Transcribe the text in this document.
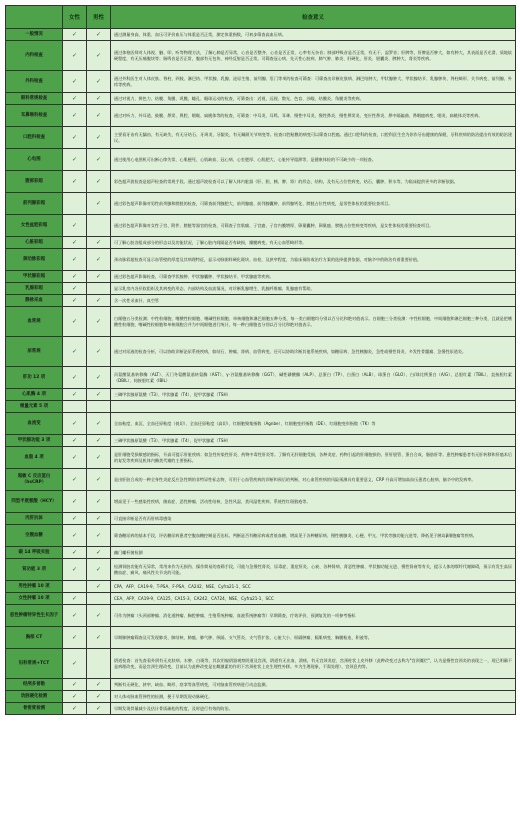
	女性	男性	检查意义
一般情况	✓	✓	通过测量身高、体重、血压可评价血压与体重是否正常，测定体重指数，可初步筛查高血压病。
内科检查	✓	✓	通过体格医师对人体视、触、叩、听等物理方法，了解心肺是否异常，心音是否整齐、心音是否正常，心率有无杂音；肺部呼吸音是否正常，有无干、湿罗音；肝脾等，肝脾是否肿大，如有肿大，其表面是否光滑、质地软硬程度，有无压痛腹块等；肠鸣音是否正常，腹部有无包块、神经反射是否正常。可筛查冠心病、先天性心脏病、肺气肿、肺炎、肝硬化、肝炎、胆囊炎、脾肿大、肾炎等疾病。
外科检查	✓	✓	通过外科医生对人体皮肤、脊柱、四肢、淋巴结、甲状腺、乳腺、泌尿生殖、前列腺、肛门等项的检查可筛查：可筛查出诊断皮肤病、淋巴结肿大、甲状腺肿大、甲状腺结节、乳腺肿块、脊柱畸形、关节病变、前列腺、外痔等疾病。
眼科常规检查	✓	✓	通过对视力、辨色力、结膜、角膜、巩膜、瞳孔、眼球运动的检查，可筛查出：近视、远视、散光、色盲、沙眼、结膜炎、角膜炎等疾病。
耳鼻喉科检查	✓	✓	通过对听力、外耳道、鼓膜、鼻窦、鼻腔、咽喉、扁桃体等的检查，可筛查：中耳炎、耳鸣、耳聋、慢性中耳炎、慢性鼻炎、慢性鼻窦炎、变应性鼻炎、鼻中隔偏曲、鼻咽癌病变、咽炎、扁桃体炎等疾病。
口腔科检查	✓	✓	主要看牙齿有无龋齿、有无缺失、有无牙结石、牙周炎、牙龈炎，有无颞颌关节病变等。检查口腔粘膜的病变可以筛查口腔癌。通过口腔科的检查，口腔科医生会为你作牙齿健康的保健，牙科疾病的防治提出有效的防治建议。
心电图	✓	✓	通过使用心电图机可出断心律失常、心肌梗死、心肌缺血、冠心病、心室肥厚、心肌肥大、心脏传导阻滞等，是健康体检的不可缺少的一项检查。
腹部彩超	✓	✓	彩色超声波检查是超声检查的常规手段。通过超声波检查可以了解人体内脏器（肝、胆、胰、脾、肾）的形态、结构，及有无占位性病变、结石、囊肿、积水等，为临床提供更多的诊断依据。
前列腺彩超		✓	通过彩色超声影像对男性前列腺和膀胱的检查，可筛查前列腺肥大、前列腺癌、前列腺囊肿、前列腺钙化、膀胱占位性病变，是男性体检的重要检查项目。
女性盆腔彩超	✓		通过彩色超声影像对女性子宫、附件、膀胱等器官的检查，可筛查子宫肌瘤、子宫癌、子宫内膜增厚、卵巢囊肿、卵巢癌、膀胱占位性病变等疾病，是女性体检的重要检查项目。
心脏彩超	✓	✓	可了解心脏各组成部分的形态以及功能状况，了解心脏内间隔是否有缺损，瓣膜病变，有无心血管畸形等。
颈动脉彩超	✓	✓	颈动脉彩超检查可显示血管壁的厚度及其病理特征，显示动脉粥样硬化斑块、血栓，及狭窄程度，为临床预防或治疗方案的选择提供依据，对脑卒中的防治有着重要价值。
甲状腺彩超	✓	✓	通过彩色超声影像检查，可筛查甲状腺肿、甲状腺囊肿、甲状腺结节、甲状腺癌等疾病。
乳腺彩超	✓		显示乳房内各层软组织及其病变的形态、内部结构及血流情况，对诊断乳腺增生、乳腺纤维瘤、乳腺癌有帮助。
静脉采血	✓	✓	含一次性采血针、真空管
血常规	✓	✓	白细胞五分类检测；中性粒细胞、嗜酸性粒细胞、嗜碱性粒细胞、单核细胞和淋巴细胞五种分类，每一类白细胞均分别以百分比和绝对值表示。白细胞三分类检测：中性粒细胞、中间细胞和淋巴细胞三种分类，且就是把嗜酸性粒细胞、嗜碱性粒细胞和单核细胞合并为中间细胞进行统计，每一种白细胞也分别以百分比和绝对值表示。
尿常规	✓	✓	通过对尿液的检查分析，可以协助诊断泌尿系统疾病，如结石、肿瘤、肾病、血管病变，还可以协助诊断其他系统疾病，如糖尿病、急性胰腺炎、急性或慢性肾炎、多发性骨髓瘤、急慢性尿道炎。
肝功 12 项	✓	✓	丙氨酸氨基转移酶（ALT）、天门冬氨酸氨基转氨酶（AST）、γ-谷氨酰基转移酶（GGT）、碱性磷酸酶（ALP）、总蛋白（TP）、白蛋白（ALB）、球蛋白（GLO）、白/球比例蛋白（A/G）、总胆红素（TBIL）、直接胆红素（DBIL）、间接胆红素（IBIL）
心肌酶 4 项	✓	✓	三碘甲状腺原氨酸（T3）、甲状腺素（T4）、促甲状腺素（TSH）
微量元素 5 项			
血流变	✓	✓	全血粘度、血沉、全血还原粘度（低切）、全血还原粘度（高切）、红细胞聚集指数（Agnbe）、红细胞变形指数（DE）、红细胞变形指数（TK）等
甲状腺功能 3 项	✓	✓	三碘甲状腺原氨酸（T3）、甲状腺素（T4）、促甲状腺素（TSH）
血脂 4 项	✓	✓	是肝细胞受损敏感的指标，升高可提示肝脏疾病；如急性传染性肝炎、药物中毒性肝炎等。了解有无肝细胞受损，各种炎症、药物引起的肝细胞损伤、肝肝胆管、蛋白合成、脂肪肝等。患性肿瘤患者有无肝转移和肝癌术后的复发等疾病及机体内酶类代谢的主要指标。
超敏 C 反应蛋白（hsCRP）	✓	✓	是由肝脏合成的一种全身性炎症反应急性期的非特异性标志物，可用于心血管疾病的诊断和预后的判断，对心血管疾病的风险预测具有重要意义，CRP 升高可增加高血压患者心脏病、脑卒中的发病率。
同型半胱氨酸（HCY）	✓	✓	增高见于一些感染性疾病，菌血症、恶性肿瘤、活动性结核、急性风湿、类风湿性疾病、系统性红斑狼疮等。
丙肝抗体	✓	✓	可直接诊断是否有丙肝病毒感染
空腹血糖	✓	✓	筛查糖尿病的基本手段，评估糖尿病患者空腹血糖控制是否达标，判断是否有糖尿病或者低血糖、增高见于各种糖尿病、慢性胰腺炎、心梗、甲亢、甲状旁腺功能亢进等，降低见于胰岛β细胞瘤等疾病。
碳 14 呼吸实验	✓	✓	幽门螺杆菌检测
肾功能 3 项	✓	✓	检测肾脏功能有无异常，常用来作为无损伤、操作简易的查筛手段，可能与急慢性肾炎、尿毒症、重症肝炎、心衰、各种肾病、肾恶性肿瘤、甲状腺功能亢进、慢性肾衰等有关，提示人体的嘌呤代谢障碍，预示有发生高尿酸血症、痛风、痛风性关节炎的可能。
男性肿瘤 10 项		✓	CPA、AFP、CA19-9、T-PSA、F-PSA、CA242、NSE、Cyfra21-1、SCC
女性肿瘤 10 项	✓		CEA、AFP、CA19-9、CA125、CA15-3、CA242、CA724、NSE、Cyfra21-1、SCC
恶性肿瘤特异性生长因子	✓	✓	可作为肿瘤（头颈部肿瘤、消化道肿瘤、胸腔肿瘤、生殖系统肿瘤、血液系统肿瘤等）早期筛查，疗效评价，预测复发的一项参考指标
胸部 CT	✓	✓	早期肺肿瘤筛查及可发现肺炎、肺结核、肺癌、肺气肿、纵隔、支气管炎、支气管扩张、心脏大小、纵隔肿瘤、膈肌病变、胸膜粘连、积液等。
妇科常规+TCT	✓		阴道检查：首先查看外阴有无皮肤病、水肿、白斑等，其次用窥阴器观察阴道及宫颈，阴道有无出血、溃疡，有无宫颈炎症、宫颈柱状上皮外移（此种改变过去称为"宫颈糜烂"，认为是慢性宫颈炎的表现之一，现已明确不是病理改变，而是宫颈生理改变，目前认为此种改变是在雌激素的作用下宫颈柱状上皮生理性外移。多为生理现象，不需处理）、宫颈息肉等。
经颅多普勒	✓	✓	判断有无硬化、狭窄、缺血、畸形、痉挛等血管病变，可对脑血管疾病进行动态监测。
动脉硬化检测	✓	✓	对人体动脉血管弹性的检测，便于早期发现动脉硬化。
骨密度检测	✓	✓	早期发现骨量减少及估计骨质疏松的程度，及时进行有效的防治。
